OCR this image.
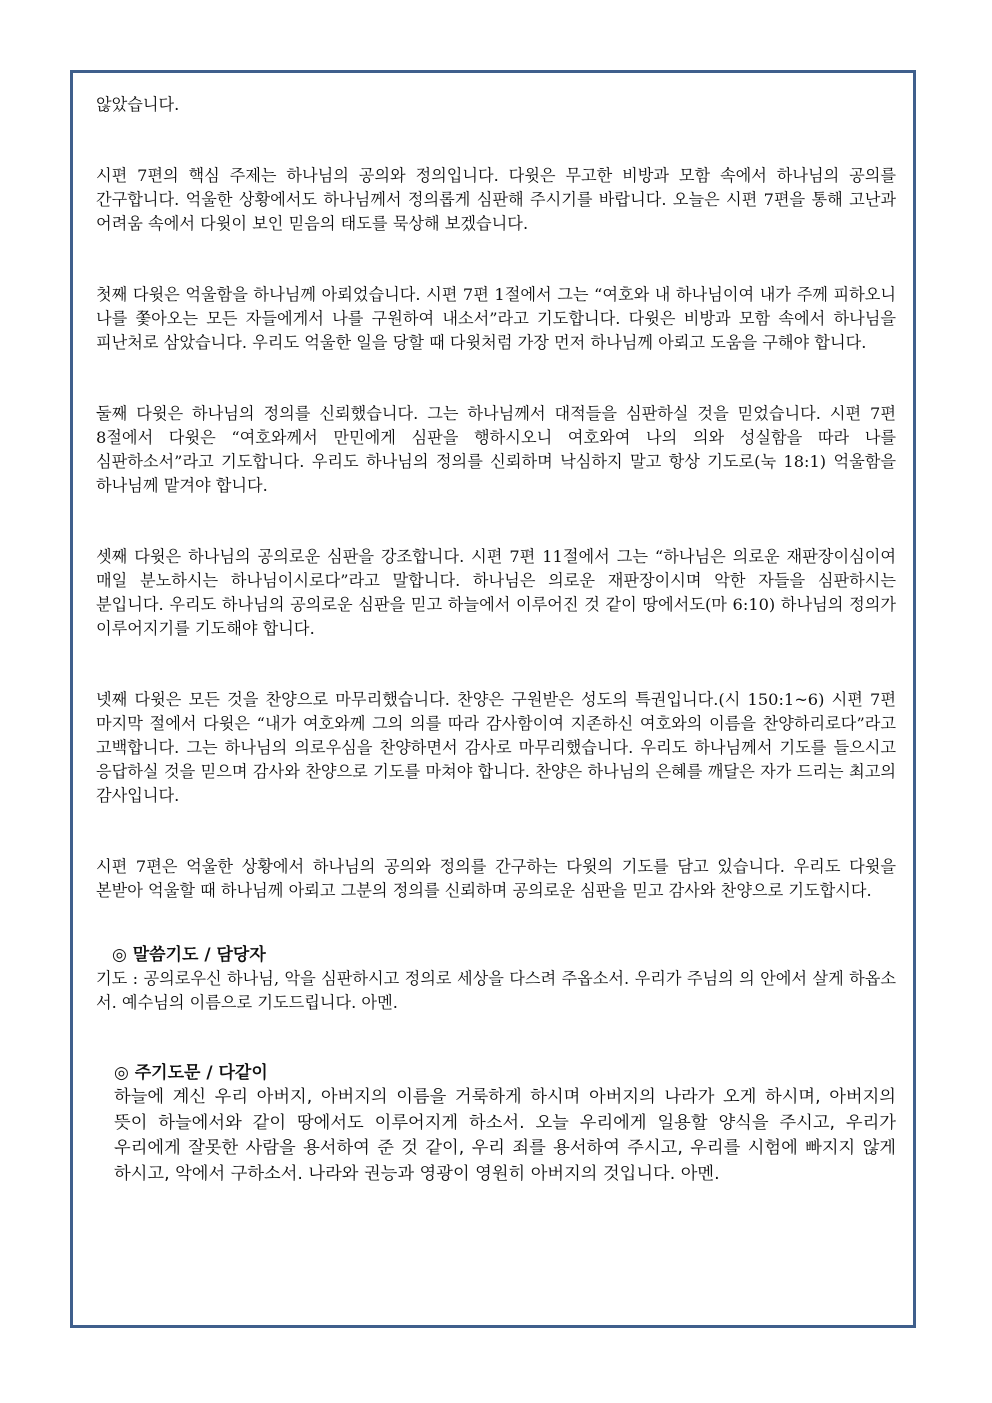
않았습니다.

시편 7편의 핵심 주제는 하나님의 공의와 정의입니다. 다윗은 무고한 비방과 모함 속에서 하나님의 공의를 간구합니다. 억울한 상황에서도 하나님께서 정의롭게 심판해 주시기를 바랍니다. 오늘은 시편 7편을 통해 고난과 어려움 속에서 다윗이 보인 믿음의 태도를 묵상해 보겠습니다.

첫째 다윗은 억울함을 하나님께 아뢰었습니다. 시편 7편 1절에서 그는 “여호와 내 하나님이여 내가 주께 피하오니 나를 쫓아오는 모든 자들에게서 나를 구원하여 내소서”라고 기도합니다. 다윗은 비방과 모함 속에서 하나님을 피난처로 삼았습니다. 우리도 억울한 일을 당할 때 다윗처럼 가장 먼저 하나님께 아뢰고 도움을 구해야 합니다.

둘째 다윗은 하나님의 정의를 신뢰했습니다. 그는 하나님께서 대적들을 심판하실 것을 믿었습니다. 시편 7편 8절에서 다윗은 “여호와께서 만민에게 심판을 행하시오니 여호와여 나의 의와 성실함을 따라 나를 심판하소서”라고 기도합니다. 우리도 하나님의 정의를 신뢰하며 낙심하지 말고 항상 기도로(눅 18:1) 억울함을 하나님께 맡겨야 합니다.

셋째 다윗은 하나님의 공의로운 심판을 강조합니다. 시편 7편 11절에서 그는 “하나님은 의로운 재판장이심이여 매일 분노하시는 하나님이시로다”라고 말합니다. 하나님은 의로운 재판장이시며 악한 자들을 심판하시는 분입니다. 우리도 하나님의 공의로운 심판을 믿고 하늘에서 이루어진 것 같이 땅에서도(마 6:10) 하나님의 정의가 이루어지기를 기도해야 합니다.

넷째 다윗은 모든 것을 찬양으로 마무리했습니다. 찬양은 구원받은 성도의 특권입니다.(시 150:1~6) 시편 7편 마지막 절에서 다윗은 “내가 여호와께 그의 의를 따라 감사함이여 지존하신 여호와의 이름을 찬양하리로다”라고 고백합니다. 그는 하나님의 의로우심을 찬양하면서 감사로 마무리했습니다. 우리도 하나님께서 기도를 들으시고 응답하실 것을 믿으며 감사와 찬양으로 기도를 마쳐야 합니다. 찬양은 하나님의 은혜를 깨달은 자가 드리는 최고의 감사입니다.

시편 7편은 억울한 상황에서 하나님의 공의와 정의를 간구하는 다윗의 기도를 담고 있습니다. 우리도 다윗을 본받아 억울할 때 하나님께 아뢰고 그분의 정의를 신뢰하며 공의로운 심판을 믿고 감사와 찬양으로 기도합시다.

◎ 말씀기도 / 담당자

기도 : 공의로우신 하나님, 악을 심판하시고 정의로 세상을 다스려 주옵소서. 우리가 주님의 의 안에서 살게 하옵소서. 예수님의 이름으로 기도드립니다. 아멘.

◎ 주기도문 / 다같이

하늘에 계신 우리 아버지, 아버지의 이름을 거룩하게 하시며 아버지의 나라가 오게 하시며, 아버지의 뜻이 하늘에서와 같이 땅에서도 이루어지게 하소서. 오늘 우리에게 일용할 양식을 주시고, 우리가 우리에게 잘못한 사람을 용서하여 준 것 같이, 우리 죄를 용서하여 주시고, 우리를 시험에 빠지지 않게 하시고, 악에서 구하소서. 나라와 권능과 영광이 영원히 아버지의 것입니다. 아멘.
